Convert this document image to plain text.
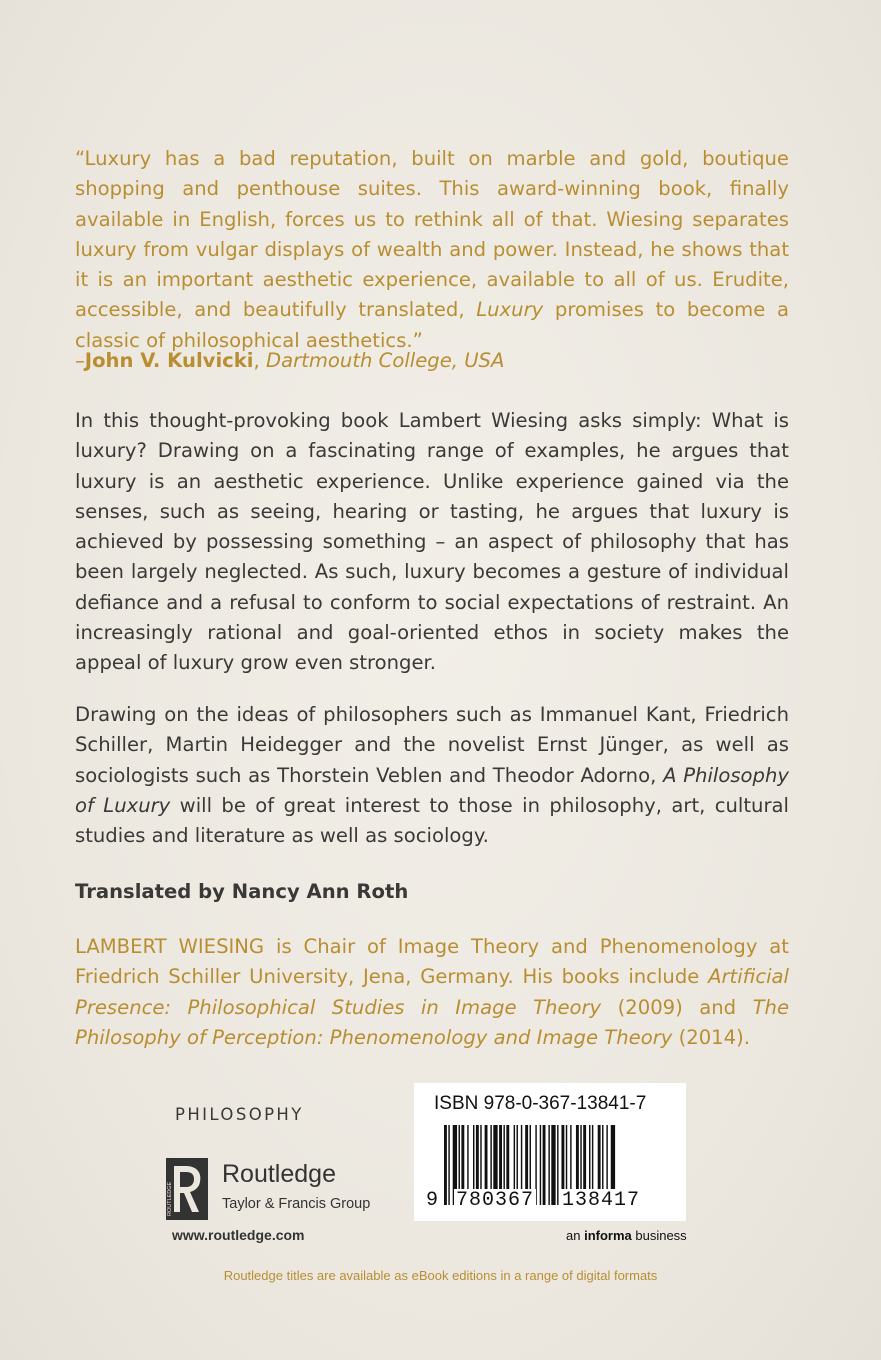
“Luxury has a bad reputation, built on marble and gold, boutique shopping and penthouse suites. This award-winning book, finally available in English, forces us to rethink all of that. Wiesing separates luxury from vulgar displays of wealth and power. Instead, he shows that it is an important aesthetic experience, available to all of us. Erudite, accessible, and beautifully translated, Luxury promises to become a classic of philosophical aesthetics.”

–John V. Kulvicki, Dartmouth College, USA

In this thought-provoking book Lambert Wiesing asks simply: What is luxury? Drawing on a fascinating range of examples, he argues that luxury is an aesthetic experience. Unlike experience gained via the senses, such as seeing, hearing or tasting, he argues that luxury is achieved by possessing something – an aspect of philosophy that has been largely neglected. As such, luxury becomes a gesture of individual defiance and a refusal to conform to social expectations of restraint. An increasingly rational and goal-oriented ethos in society makes the appeal of luxury grow even stronger.

Drawing on the ideas of philosophers such as Immanuel Kant, Friedrich Schiller, Martin Heidegger and the novelist Ernst Jünger, as well as sociologists such as Thorstein Veblen and Theodor Adorno, A Philosophy of Luxury will be of great interest to those in philosophy, art, cultural studies and literature as well as sociology.

Translated by Nancy Ann Roth

LAMBERT WIESING is Chair of Image Theory and Phenomenology at Friedrich Schiller University, Jena, Germany. His books include Artificial Presence: Philosophical Studies in Image Theory (2009) and The Philosophy of Perception: Phenomenology and Image Theory (2014).

PHILOSOPHY
ROUTLEDGE
Routledge
Taylor & Francis Group
www.routledge.com
ISBN 978-0-367-13841-7
9 780367 138417
an informa business
Routledge titles are available as eBook editions in a range of digital formats
